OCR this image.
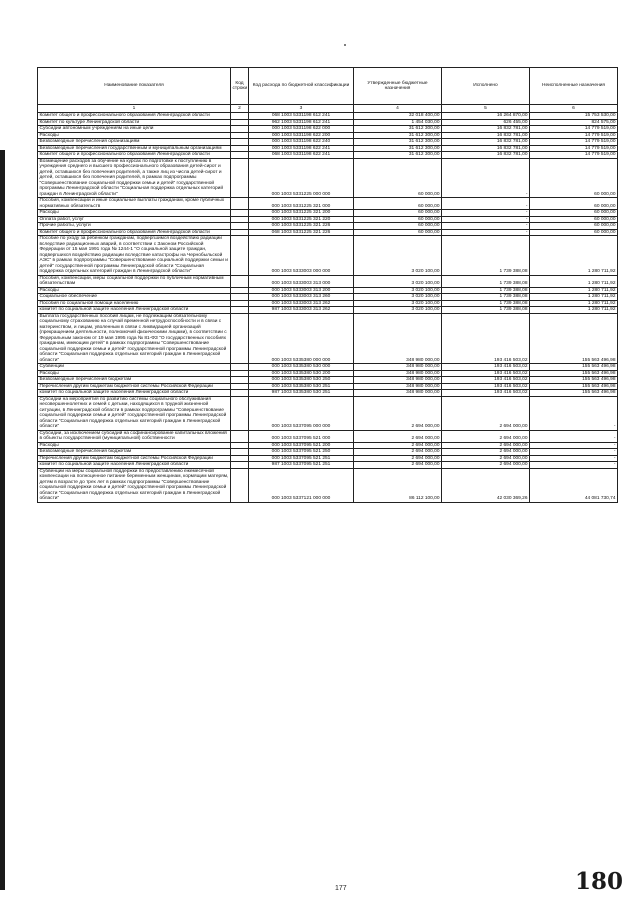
Наименование показателя	Код строки	Код расхода по бюджетной классификации	Утвержденные бюджетные назначения	Исполнено	Неисполненные назначения
1	2	3	4	5	6
Комитет общего и профессионального образования Ленинградской области		068 1003 5331198 612 241	32 018 400,00	16 264 870,00	15 753 530,00
Комитет по культуре Ленинградской области		962 1003 5331198 612 241	1 454 030,00	626 455,00	824 575,00
Субсидии автономным учреждениям на иные цели		000 1003 5331198 622 000	31 612 300,00	16 832 781,00	14 779 519,00
Расходы		000 1003 5331198 622 200	31 612 300,00	16 832 781,00	14 779 519,00
Безвозмездные перечисления организациям		000 1003 5331198 622 240	31 612 300,00	16 832 781,00	14 779 519,00
Безвозмездные перечисления государственным и муниципальным организациям		000 1003 5331198 622 241	31 612 300,00	16 832 781,00	14 779 519,00
Комитет общего и профессионального образования Ленинградской области		068 1003 5331198 622 241	31 612 300,00	16 832 781,00	14 779 519,00
Возмещение расходов за обучение на курсах по подготовке к поступлению в учреждения среднего и высшего профессионального образования детей-сирот и детей, оставшихся без попечения родителей, а также лиц из числа детей-сирот и детей, оставшихся без попечения родителей, в рамках подпрограммы "Совершенствование социальной поддержки семьи и детей" государственной программы Ленинградской области "Социальная поддержка отдельных категорий граждан в Ленинградской области"		000 1003 5331225 000 000	60 000,00	-	60 000,00
Пособия, компенсации и иные социальные выплаты гражданам, кроме публичных нормативных обязательств		000 1003 5331225 321 000	60 000,00	-	60 000,00
Расходы		000 1003 5331225 321 200	60 000,00	-	60 000,00
Оплата работ, услуг		000 1003 5331225 321 220	60 000,00	-	60 000,00
Прочие работы, услуги		000 1003 5331225 321 226	60 000,00	-	60 000,00
Комитет общего и профессионального образования Ленинградской области		068 1003 5331225 321 226	60 000,00	-	60 000,00
Пособие по уходу за ребенком гражданам, подвергшимся воздействию радиации вследствие радиационных аварий, в соответствии с Законом Российской Федерации от 15 мая 1991 года № 1244-1 "О социальной защите граждан, подвергшихся воздействию радиации вследствие катастрофы на Чернобыльской АЭС" в рамках подпрограммы "Совершенствование социальной поддержки семьи и детей" государственной программы Ленинградской области "Социальная поддержка отдельных категорий граждан в Ленинградской области"		000 1003 5333003 000 000	3 020 100,00	1 739 388,08	1 280 711,92
Пособия, компенсации, меры социальной поддержки по публичным нормативным обязательствам		000 1003 5333003 313 000	3 020 100,00	1 739 388,08	1 280 711,92
Расходы		000 1003 5333003 313 200	3 020 100,00	1 739 388,08	1 280 711,92
Социальное обеспечение		000 1003 5333003 313 260	3 020 100,00	1 739 388,08	1 280 711,92
Пособия по социальной помощи населению		000 1003 5333003 313 262	3 020 100,00	1 739 388,08	1 280 711,92
комитет по социальной защите населения Ленинградской области		987 1003 5333003 313 262	3 020 100,00	1 739 388,08	1 280 711,92
Выплата государственных пособий лицам, не подлежащим обязательному социальному страхованию на случай временной нетрудоспособности и в связи с материнством, и лицам, уволенным в связи с ликвидацией организаций (прекращением деятельности, полномочий физическими лицами), в соответствии с Федеральным законом от 19 мая 1995 года № 81-ФЗ "О государственных пособиях гражданам, имеющим детей" в рамках подпрограммы "Совершенствование социальной поддержки семьи и детей" государственной программы Ленинградской области "Социальная поддержка отдельных категорий граждан в Ленинградской области"		000 1003 5335380 000 000	348 980 000,00	193 416 503,02	155 563 496,98
Субвенции		000 1003 5335380 530 000	348 980 000,00	193 416 503,02	155 563 496,98
Расходы		000 1003 5335380 530 200	348 980 000,00	193 416 503,02	155 563 496,98
Безвозмездные перечисления бюджетам		000 1003 5335380 530 250	348 980 000,00	193 416 503,02	155 563 496,98
Перечисления другим бюджетам бюджетной системы Российской Федерации		000 1003 5335380 530 251	348 980 000,00	193 416 503,02	155 563 496,98
комитет по социальной защите населения Ленинградской области		987 1003 5335380 530 251	348 980 000,00	193 416 503,02	155 563 496,98
Субсидии на мероприятия по развитию системы социального обслуживания несовершеннолетних и семей с детьми, находящихся в трудной жизненной ситуации, в Ленинградской области в рамках подпрограммы "Совершенствование социальной поддержки семьи и детей" государственной программы Ленинградской области "Социальная поддержка отдельных категорий граждан в Ленинградской области"		000 1003 5337095 000 000	2 694 000,00	2 694 000,00	-
Субсидии, за исключением субсидий на софинансирование капитальных вложений в объекты государственной (муниципальной) собственности		000 1003 5337095 521 000	2 694 000,00	2 694 000,00	-
Расходы		000 1003 5337095 521 200	2 694 000,00	2 694 000,00	-
Безвозмездные перечисления бюджетам		000 1003 5337095 521 250	2 694 000,00	2 694 000,00	-
Перечисления другим бюджетам бюджетной системы Российской Федерации		000 1003 5337095 521 251	2 694 000,00	2 694 000,00	-
комитет по социальной защите населения Ленинградской области		987 1003 5337095 521 251	2 694 000,00	2 694 000,00	-
Субвенции на меры социальной поддержки по предоставлению ежемесячной компенсации на полноценное питание беременным женщинам, кормящим матерям, детям в возрасте до трех лет в рамках подпрограммы "Совершенствование социальной поддержки семьи и детей" государственной программы Ленинградской области "Социальная поддержка отдельных категорий граждан в Ленинградской области"		000 1003 5337121 000 000	86 112 100,00	42 030 369,26	44 081 730,74
177	180
